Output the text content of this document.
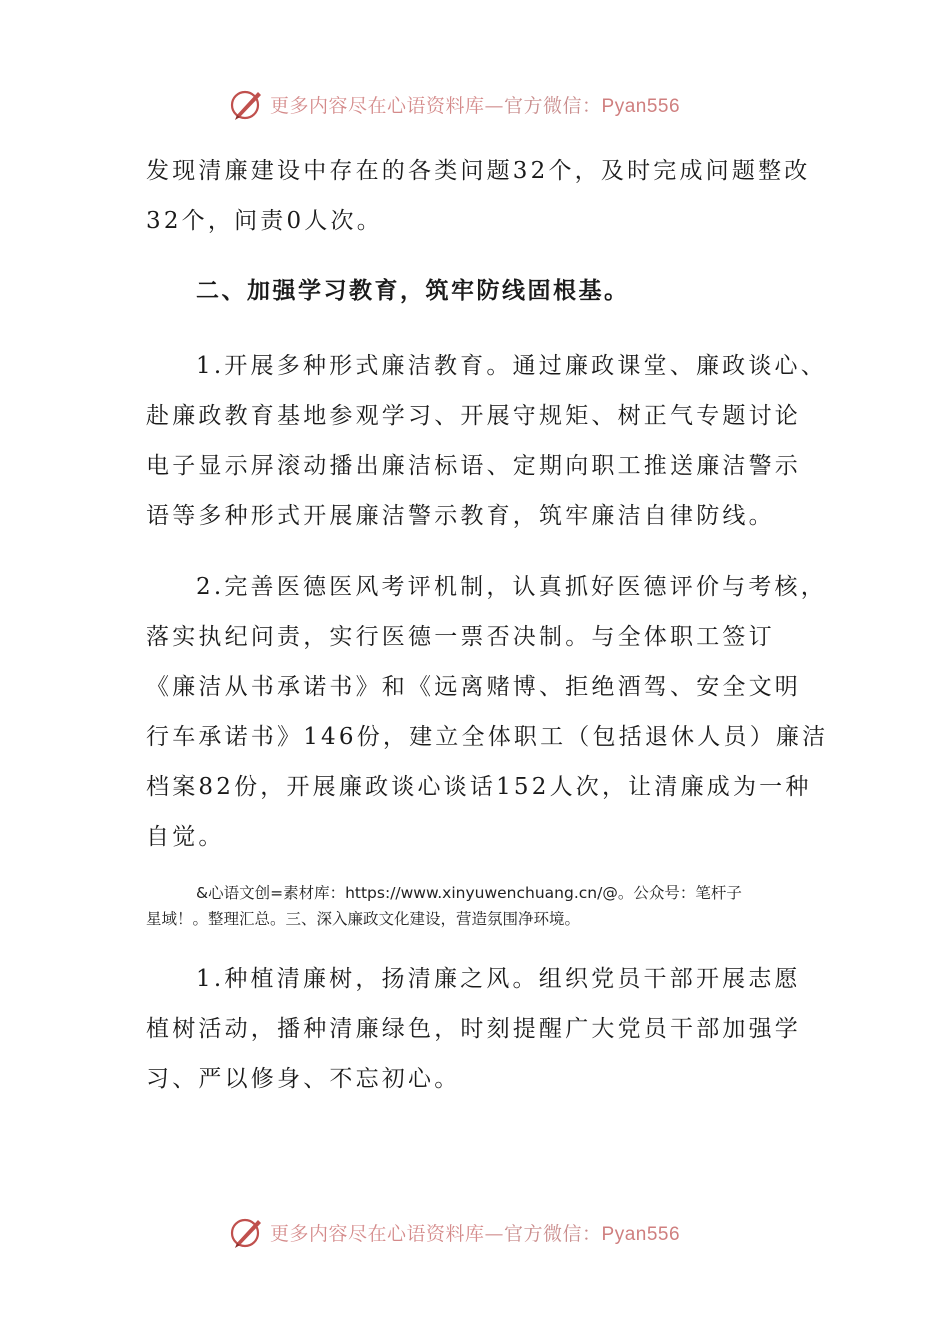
更多内容尽在心语资料库—官方微信：Pyan556
发现清廉建设中存在的各类问题32个，及时完成问题整改
32个，问责0人次。
二、加强学习教育，筑牢防线固根基。
1.开展多种形式廉洁教育。通过廉政课堂、廉政谈心、
赴廉政教育基地参观学习、开展守规矩、树正气专题讨论
电子显示屏滚动播出廉洁标语、定期向职工推送廉洁警示
语等多种形式开展廉洁警示教育，筑牢廉洁自律防线。
2.完善医德医风考评机制，认真抓好医德评价与考核，
落实执纪问责，实行医德一票否决制。与全体职工签订
《廉洁从书承诺书》和《远离赌博、拒绝酒驾、安全文明
行车承诺书》146份，建立全体职工（包括退休人员）廉洁
档案82份，开展廉政谈心谈话152人次，让清廉成为一种
自觉。
&心语文创=素材库：https://www.xinyuwenchuang.cn/@。公众号：笔杆子
星域！。整理汇总。三、深入廉政文化建设，营造氛围净环境。
1.种植清廉树，扬清廉之风。组织党员干部开展志愿
植树活动，播种清廉绿色，时刻提醒广大党员干部加强学
习、严以修身、不忘初心。
更多内容尽在心语资料库—官方微信：Pyan556
